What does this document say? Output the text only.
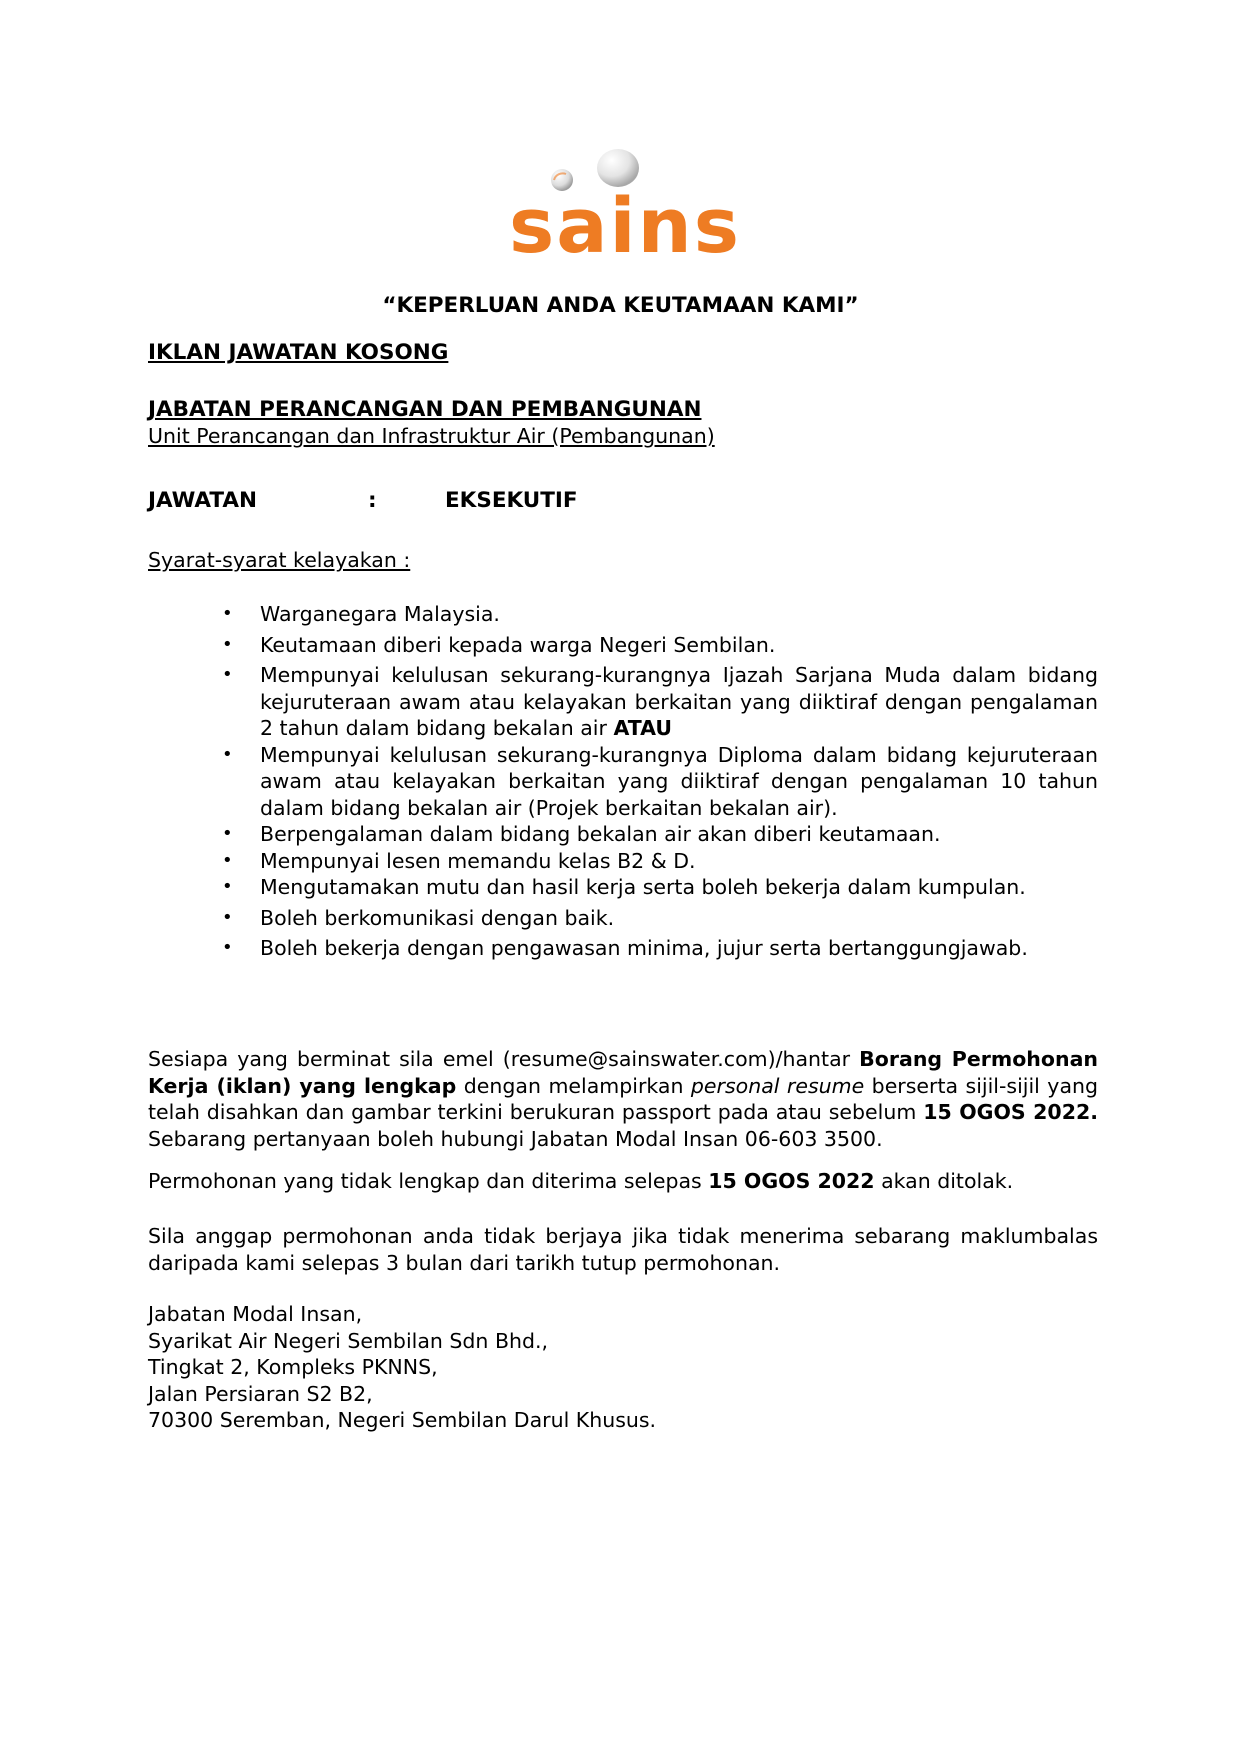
sains
“KEPERLUAN ANDA KEUTAMAAN KAMI”
IKLAN JAWATAN KOSONG
JABATAN PERANCANGAN DAN PEMBANGUNAN
Unit Perancangan dan Infrastruktur Air (Pembangunan)
JAWATAN	:	EKSEKUTIF
Syarat-syarat kelayakan :
• Warganegara Malaysia.
• Keutamaan diberi kepada warga Negeri Sembilan.
• Mempunyai kelulusan sekurang-kurangnya Ijazah Sarjana Muda dalam bidang kejuruteraan awam atau kelayakan berkaitan yang diiktiraf dengan pengalaman 2 tahun dalam bidang bekalan air ATAU
• Mempunyai kelulusan sekurang-kurangnya Diploma dalam bidang kejuruteraan awam atau kelayakan berkaitan yang diiktiraf dengan pengalaman 10 tahun dalam bidang bekalan air (Projek berkaitan bekalan air).
• Berpengalaman dalam bidang bekalan air akan diberi keutamaan.
• Mempunyai lesen memandu kelas B2 & D.
• Mengutamakan mutu dan hasil kerja serta boleh bekerja dalam kumpulan.
• Boleh berkomunikasi dengan baik.
• Boleh bekerja dengan pengawasan minima, jujur serta bertanggungjawab.
Sesiapa yang berminat sila emel (resume@sainswater.com)/hantar Borang Permohonan Kerja (iklan) yang lengkap dengan melampirkan personal resume berserta sijil-sijil yang telah disahkan dan gambar terkini berukuran passport pada atau sebelum 15 OGOS 2022. Sebarang pertanyaan boleh hubungi Jabatan Modal Insan 06-603 3500.
Permohonan yang tidak lengkap dan diterima selepas 15 OGOS 2022 akan ditolak.
Sila anggap permohonan anda tidak berjaya jika tidak menerima sebarang maklumbalas daripada kami selepas 3 bulan dari tarikh tutup permohonan.
Jabatan Modal Insan,
Syarikat Air Negeri Sembilan Sdn Bhd.,
Tingkat 2, Kompleks PKNNS,
Jalan Persiaran S2 B2,
70300 Seremban, Negeri Sembilan Darul Khusus.
